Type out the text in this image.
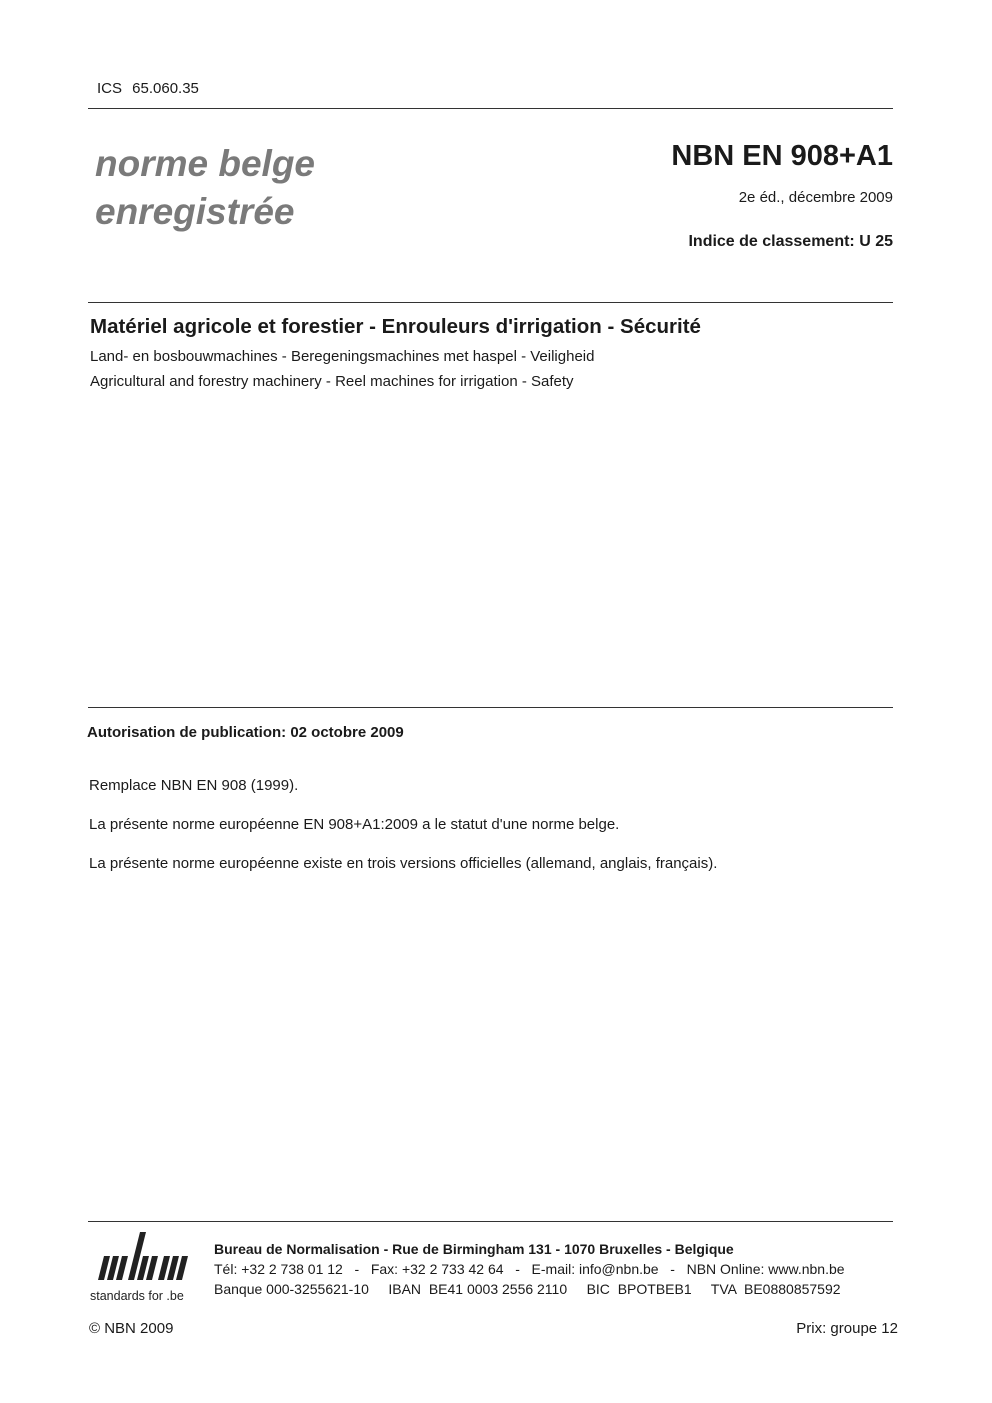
ICS 65.060.35
norme belge
enregistrée
NBN EN 908+A1
2e éd., décembre 2009
Indice de classement: U 25
Matériel agricole et forestier - Enrouleurs d'irrigation - Sécurité
Land- en bosbouwmachines - Beregeningsmachines met haspel - Veiligheid
Agricultural and forestry machinery - Reel machines for irrigation - Safety
Autorisation de publication: 02 octobre 2009
Remplace NBN EN 908 (1999).
La présente norme européenne EN 908+A1:2009 a le statut d'une norme belge.
La présente norme européenne existe en trois versions officielles (allemand, anglais, français).
standards for .be
Bureau de Normalisation - Rue de Birmingham 131 - 1070 Bruxelles - Belgique
Tél: +32 2 738 01 12   -   Fax: +32 2 733 42 64   -   E-mail: info@nbn.be   -   NBN Online: www.nbn.be
Banque 000-3255621-10     IBAN  BE41 0003 2556 2110     BIC  BPOTBEB1     TVA  BE0880857592
© NBN 2009	Prix: groupe 12
